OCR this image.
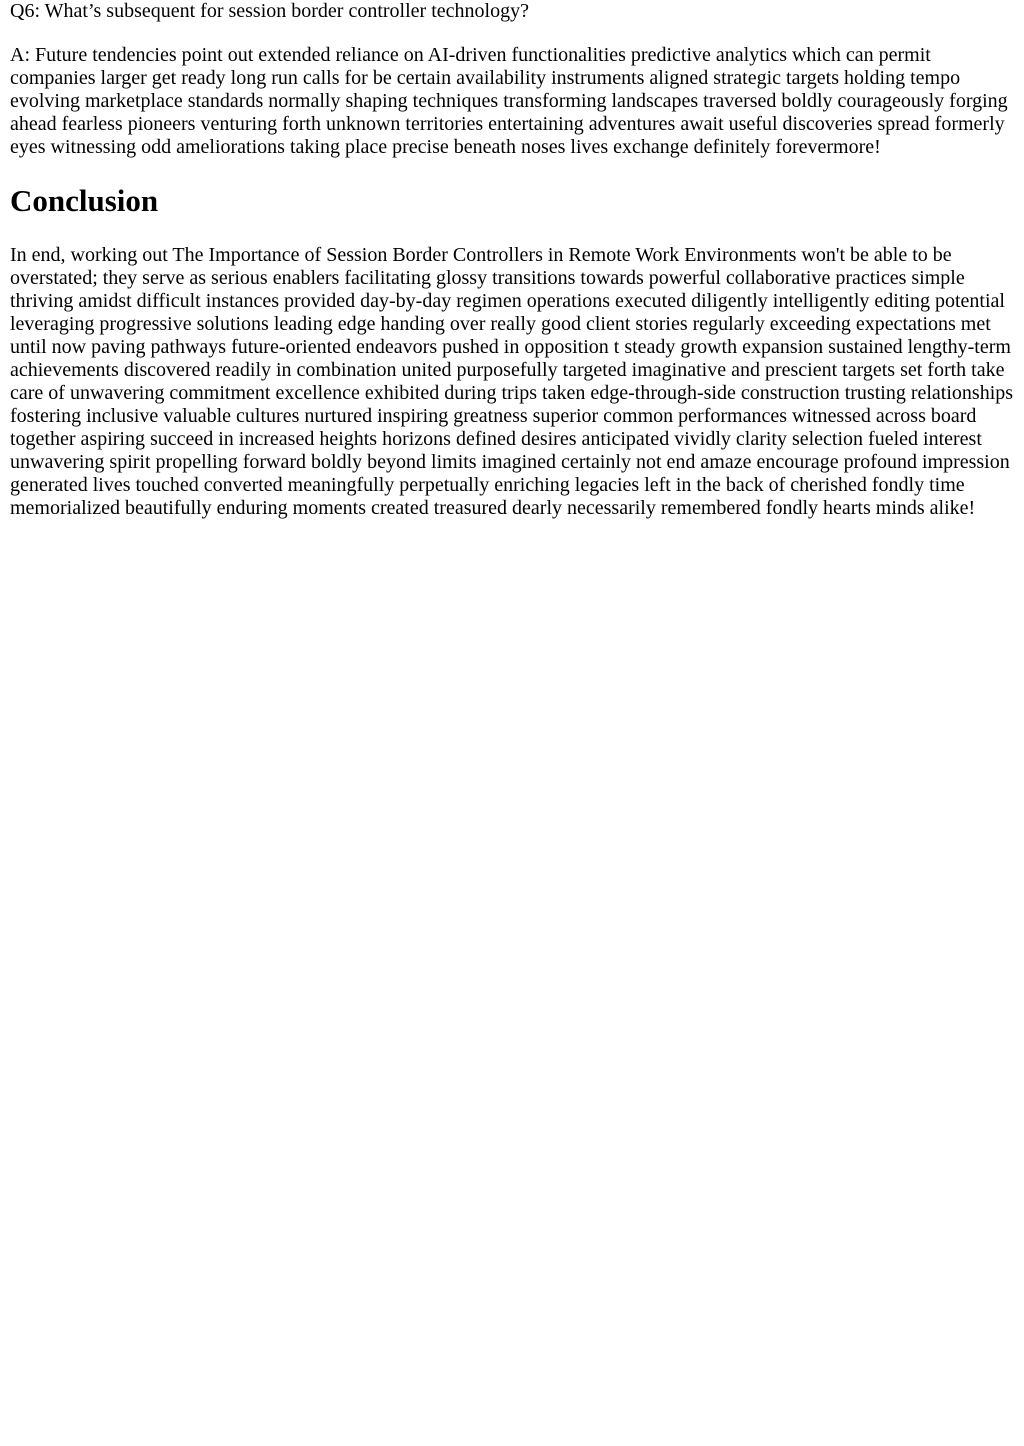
Q6: What’s subsequent for session border controller technology?

A: Future tendencies point out extended reliance on AI-driven functionalities predictive analytics which can permit companies larger get ready long run calls for be certain availability instruments aligned strategic targets holding tempo evolving marketplace standards normally shaping techniques transforming landscapes traversed boldly courageously forging ahead fearless pioneers venturing forth unknown territories entertaining adventures await useful discoveries spread formerly eyes witnessing odd ameliorations taking place precise beneath noses lives exchange definitely forevermore!

Conclusion

In end, working out The Importance of Session Border Controllers in Remote Work Environments won't be able to be overstated; they serve as serious enablers facilitating glossy transitions towards powerful collaborative practices simple thriving amidst difficult instances provided day-by-day regimen operations executed diligently intelligently editing potential leveraging progressive solutions leading edge handing over really good client stories regularly exceeding expectations met until now paving pathways future-oriented endeavors pushed in opposition t steady growth expansion sustained lengthy-term achievements discovered readily in combination united purposefully targeted imaginative and prescient targets set forth take care of unwavering commitment excellence exhibited during trips taken edge-through-side construction trusting relationships fostering inclusive valuable cultures nurtured inspiring greatness superior common performances witnessed across board together aspiring succeed in increased heights horizons defined desires anticipated vividly clarity selection fueled interest unwavering spirit propelling forward boldly beyond limits imagined certainly not end amaze encourage profound impression generated lives touched converted meaningfully perpetually enriching legacies left in the back of cherished fondly time memorialized beautifully enduring moments created treasured dearly necessarily remembered fondly hearts minds alike!
